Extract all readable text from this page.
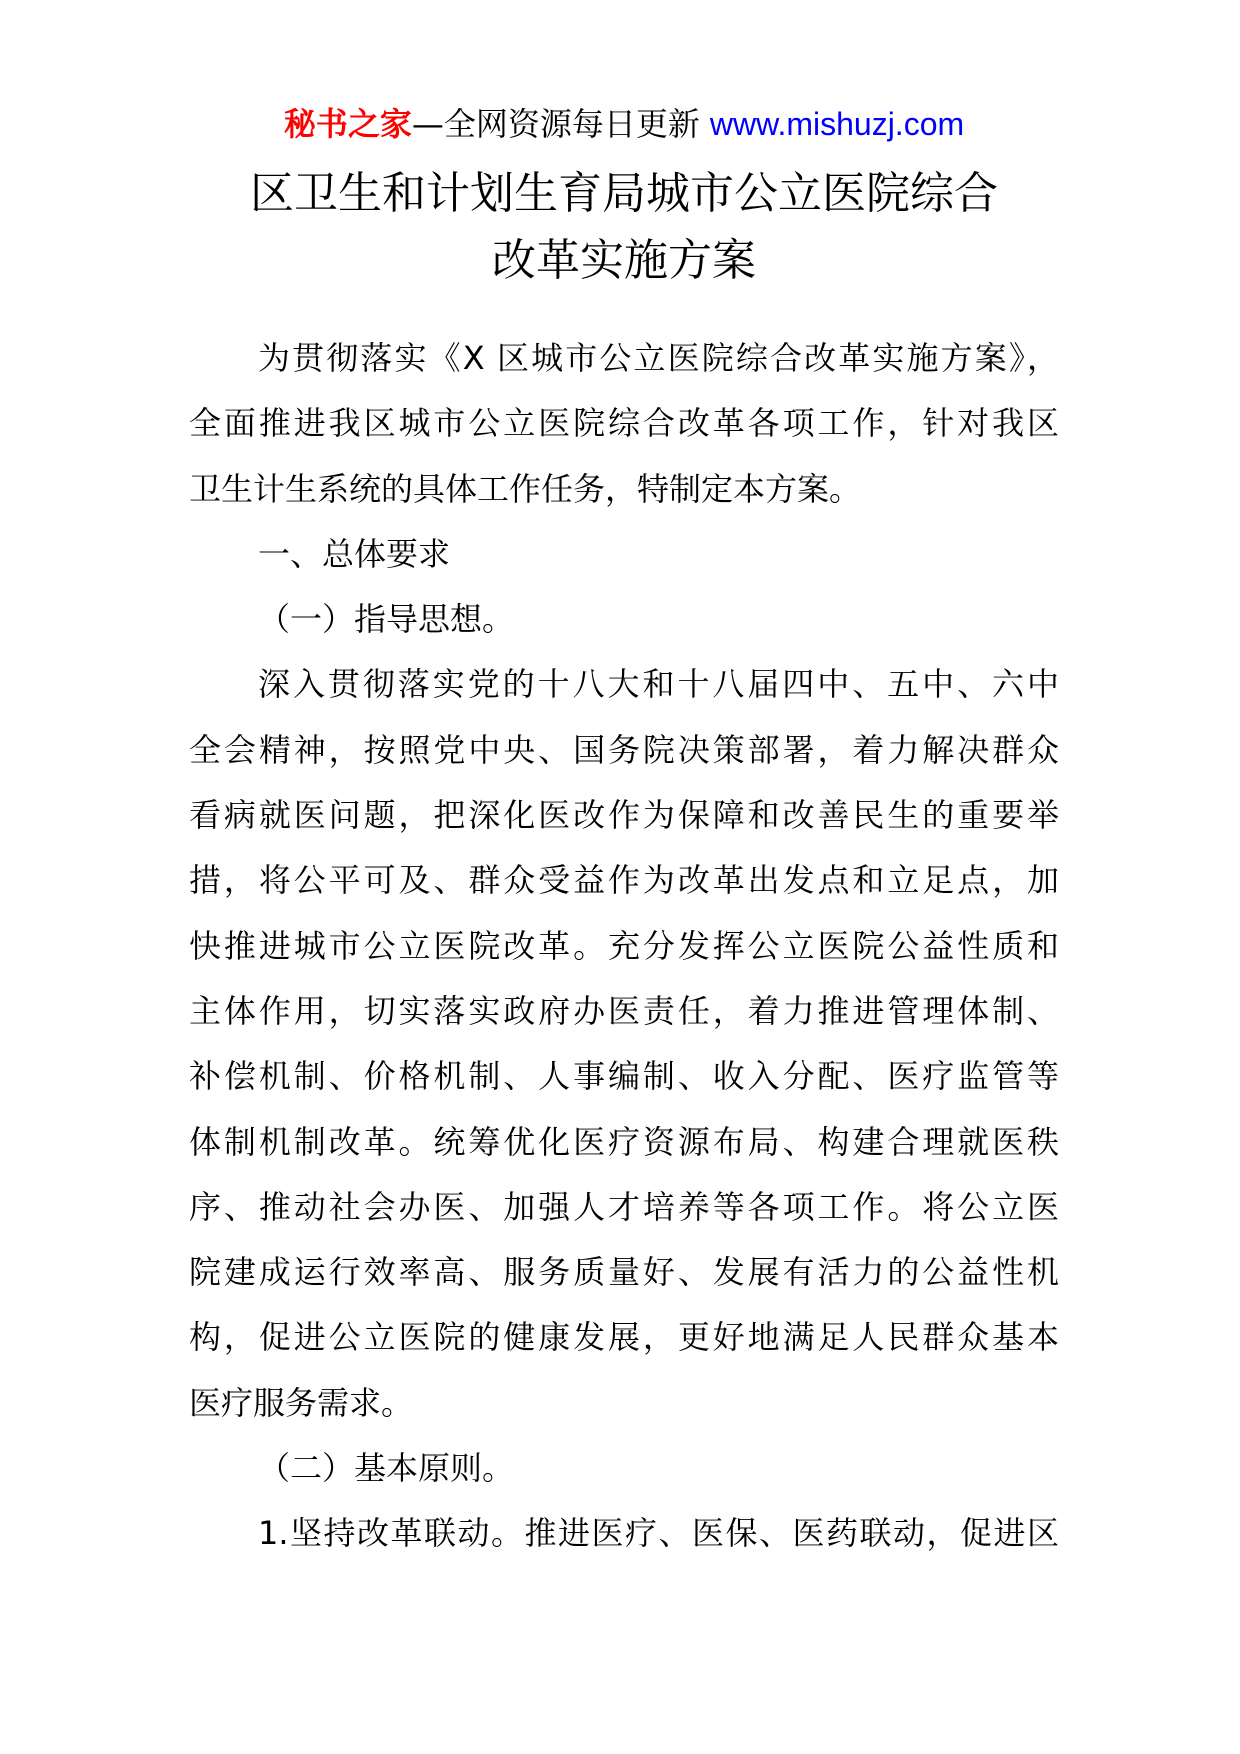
秘书之家—全网资源每日更新 www.mishuzj.com
区卫生和计划生育局城市公立医院综合
改革实施方案
为贯彻落实《X 区城市公立医院综合改革实施方案》，
全面推进我区城市公立医院综合改革各项工作，针对我区
卫生计生系统的具体工作任务，特制定本方案。
一、总体要求
（一）指导思想。
深入贯彻落实党的十八大和十八届四中、五中、六中
全会精神，按照党中央、国务院决策部署，着力解决群众
看病就医问题，把深化医改作为保障和改善民生的重要举
措，将公平可及、群众受益作为改革出发点和立足点，加
快推进城市公立医院改革。充分发挥公立医院公益性质和
主体作用，切实落实政府办医责任，着力推进管理体制、
补偿机制、价格机制、人事编制、收入分配、医疗监管等
体制机制改革。统筹优化医疗资源布局、构建合理就医秩
序、推动社会办医、加强人才培养等各项工作。将公立医
院建成运行效率高、服务质量好、发展有活力的公益性机
构，促进公立医院的健康发展，更好地满足人民群众基本
医疗服务需求。
（二）基本原则。
1.坚持改革联动。推进医疗、医保、医药联动，促进区
